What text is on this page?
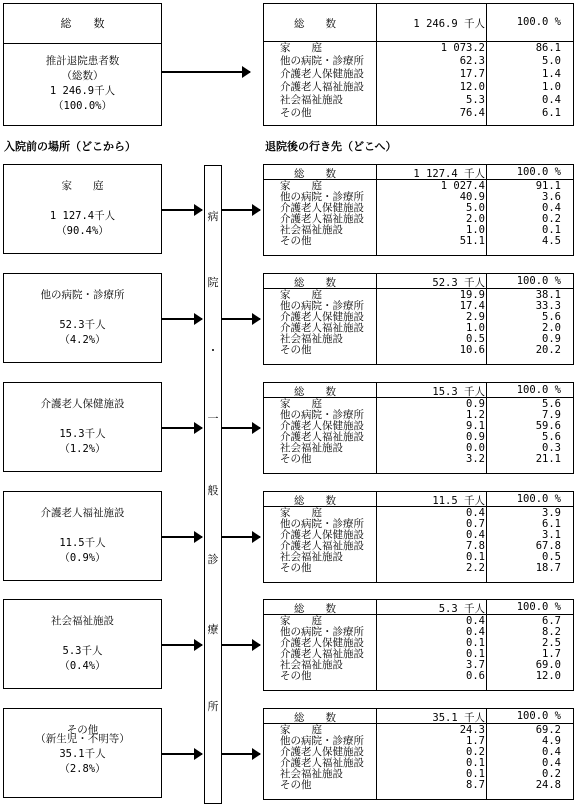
総　　数
推計退院患者数
（総数）
1 246.9千人
（100.0%）
総　　数	1 246.9 千人	100.0 %
家　　庭	1 073.2	86.1
他の病院・診療所	62.3	5.0
介護老人保健施設	17.7	1.4
介護老人福祉施設	12.0	1.0
社会福祉施設	5.3	0.4
その他	76.4	6.1
入院前の場所（どこから）	退院後の行き先（どこへ）
病
院
・
一
般
診
療
所
家　　庭
1 127.4千人
（90.4%）
総　　数	1 127.4 千人	100.0 %
家　　庭	1 027.4	91.1
他の病院・診療所	40.9	3.6
介護老人保健施設	5.0	0.4
介護老人福祉施設	2.0	0.2
社会福祉施設	1.0	0.1
その他	51.1	4.5
他の病院・診療所
52.3千人
（4.2%）
総　　数	52.3 千人	100.0 %
家　　庭	19.9	38.1
他の病院・診療所	17.4	33.3
介護老人保健施設	2.9	5.6
介護老人福祉施設	1.0	2.0
社会福祉施設	0.5	0.9
その他	10.6	20.2
介護老人保健施設
15.3千人
（1.2%）
総　　数	15.3 千人	100.0 %
家　　庭	0.9	5.6
他の病院・診療所	1.2	7.9
介護老人保健施設	9.1	59.6
介護老人福祉施設	0.9	5.6
社会福祉施設	0.0	0.3
その他	3.2	21.1
介護老人福祉施設
11.5千人
（0.9%）
総　　数	11.5 千人	100.0 %
家　　庭	0.4	3.9
他の病院・診療所	0.7	6.1
介護老人保健施設	0.4	3.1
介護老人福祉施設	7.8	67.8
社会福祉施設	0.1	0.5
その他	2.2	18.7
社会福祉施設
5.3千人
（0.4%）
総　　数	5.3 千人	100.0 %
家　　庭	0.4	6.7
他の病院・診療所	0.4	8.2
介護老人保健施設	0.1	2.5
介護老人福祉施設	0.1	1.7
社会福祉施設	3.7	69.0
その他	0.6	12.0
その他
（新生児・不明等）
35.1千人
（2.8%）
総　　数	35.1 千人	100.0 %
家　　庭	24.3	69.2
他の病院・診療所	1.7	4.9
介護老人保健施設	0.2	0.4
介護老人福祉施設	0.1	0.4
社会福祉施設	0.1	0.2
その他	8.7	24.8
